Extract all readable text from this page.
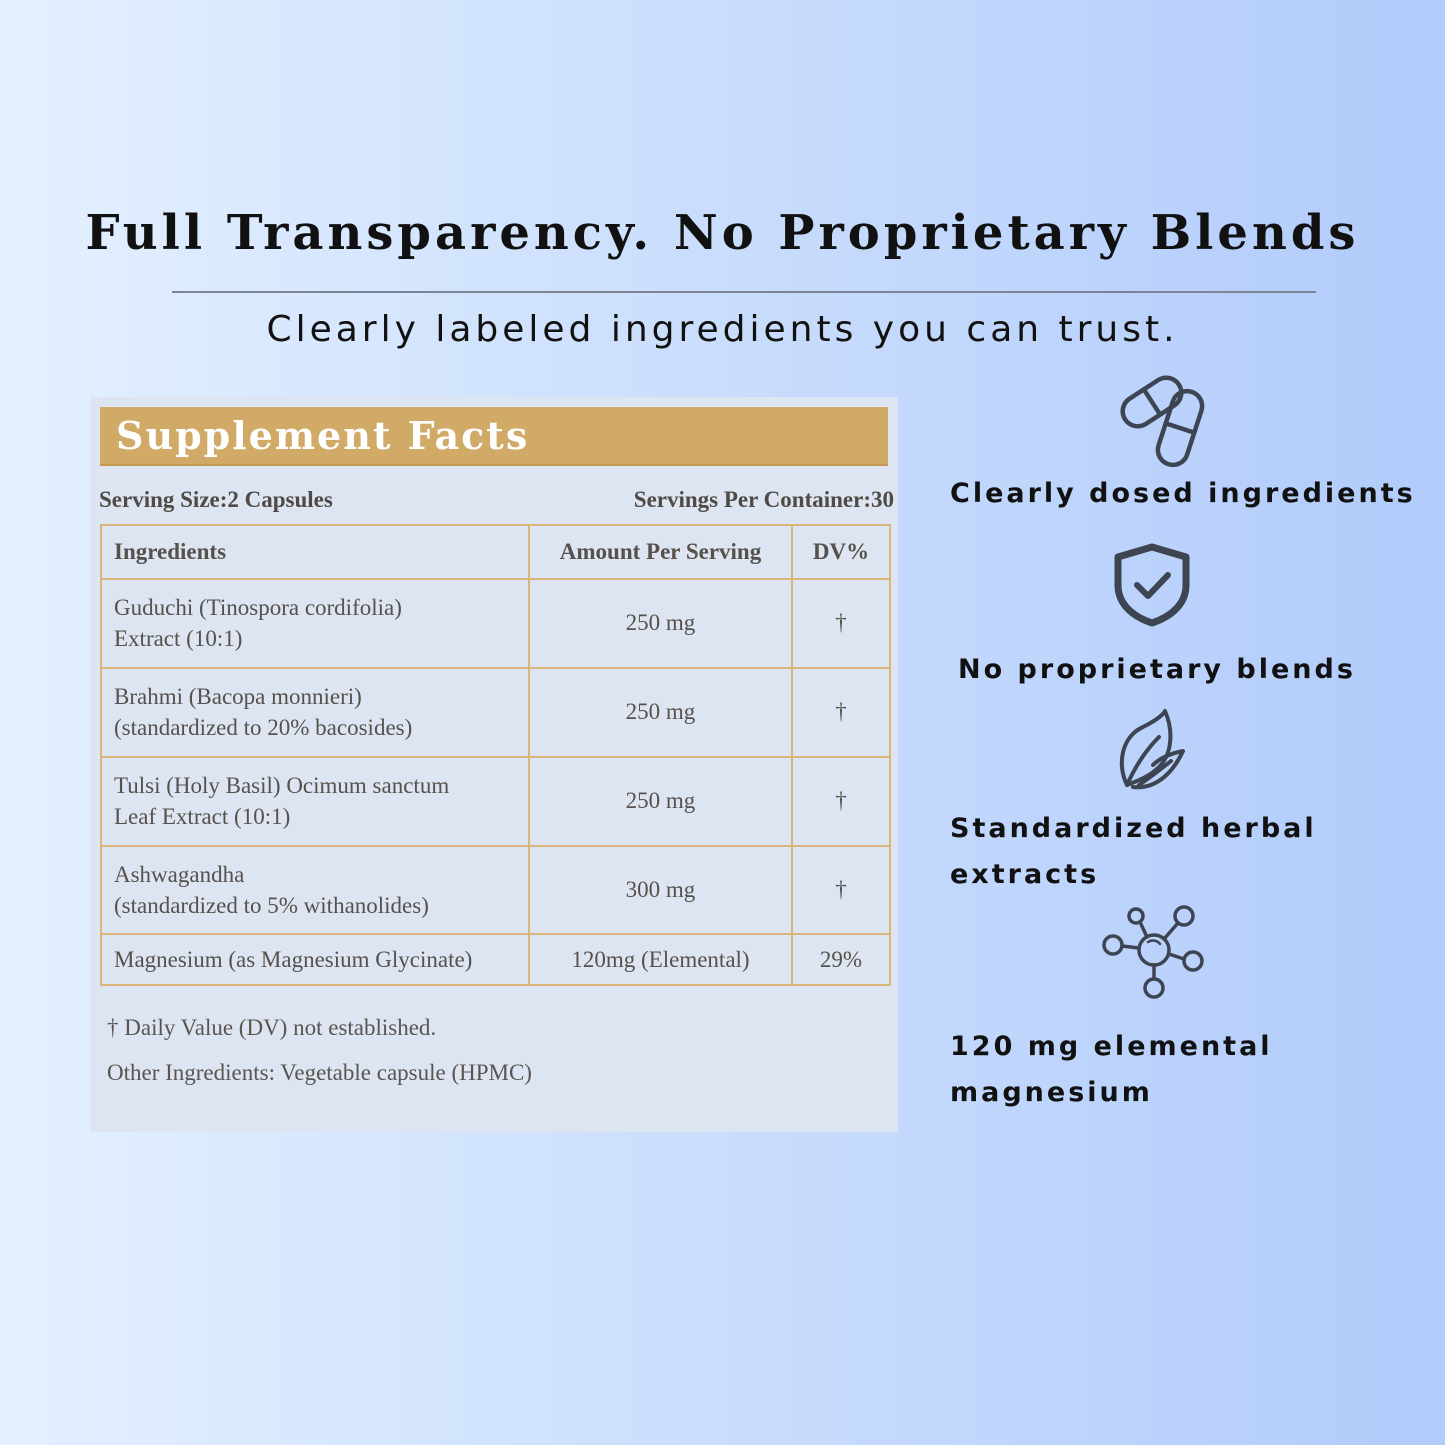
Full Transparency. No Proprietary Blends
Clearly labeled ingredients you can trust.
Supplement Facts
Serving Size:2 Capsules	Servings Per Container:30
Ingredients	Amount Per Serving	DV%

Guduchi (Tinospora cordifolia)
Extract (10:1)	250 mg	†

Brahmi (Bacopa monnieri)
(standardized to 20% bacosides)	250 mg	†

Tulsi (Holy Basil) Ocimum sanctum
Leaf Extract (10:1)	250 mg	†

Ashwagandha
(standardized to 5% withanolides)	300 mg	†

Magnesium (as Magnesium Glycinate)	120mg (Elemental)	29%
† Daily Value (DV) not established.
Other Ingredients: Vegetable capsule (HPMC)
Clearly dosed ingredients
No proprietary blends
Standardized herbal
extracts
120 mg elemental
magnesium
